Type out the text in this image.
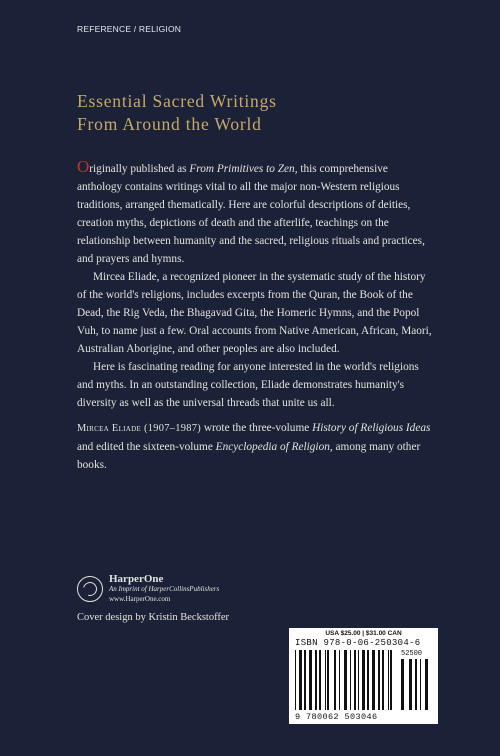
REFERENCE / RELIGION
Essential Sacred Writings
From Around the World

Originally published as From Primitives to Zen, this comprehensive anthology contains writings vital to all the major non-Western religious traditions, arranged thematically. Here are colorful descriptions of deities, creation myths, depictions of death and the afterlife, teachings on the relationship between humanity and the sacred, religious rituals and practices, and prayers and hymns.

Mircea Eliade, a recognized pioneer in the systematic study of the history of the world's religions, includes excerpts from the Quran, the Book of the Dead, the Rig Veda, the Bhagavad Gita, the Homeric Hymns, and the Popol Vuh, to name just a few. Oral accounts from Native American, African, Maori, Australian Aborigine, and other peoples are also included.

Here is fascinating reading for anyone interested in the world's religions and myths. In an outstanding collection, Eliade demonstrates humanity's diversity as well as the universal threads that unite us all.

Mircea Eliade (1907–1987) wrote the three-volume History of Religious Ideas and edited the sixteen-volume Encyclopedia of Religion, among many other books.

HarperOne
An Imprint of HarperCollinsPublishers
www.HarperOne.com
Cover design by Kristin Beckstoffer
USA $25.00 | $31.00 CAN
ISBN 978-0-06-250304-6
52500
9 780062 503046
